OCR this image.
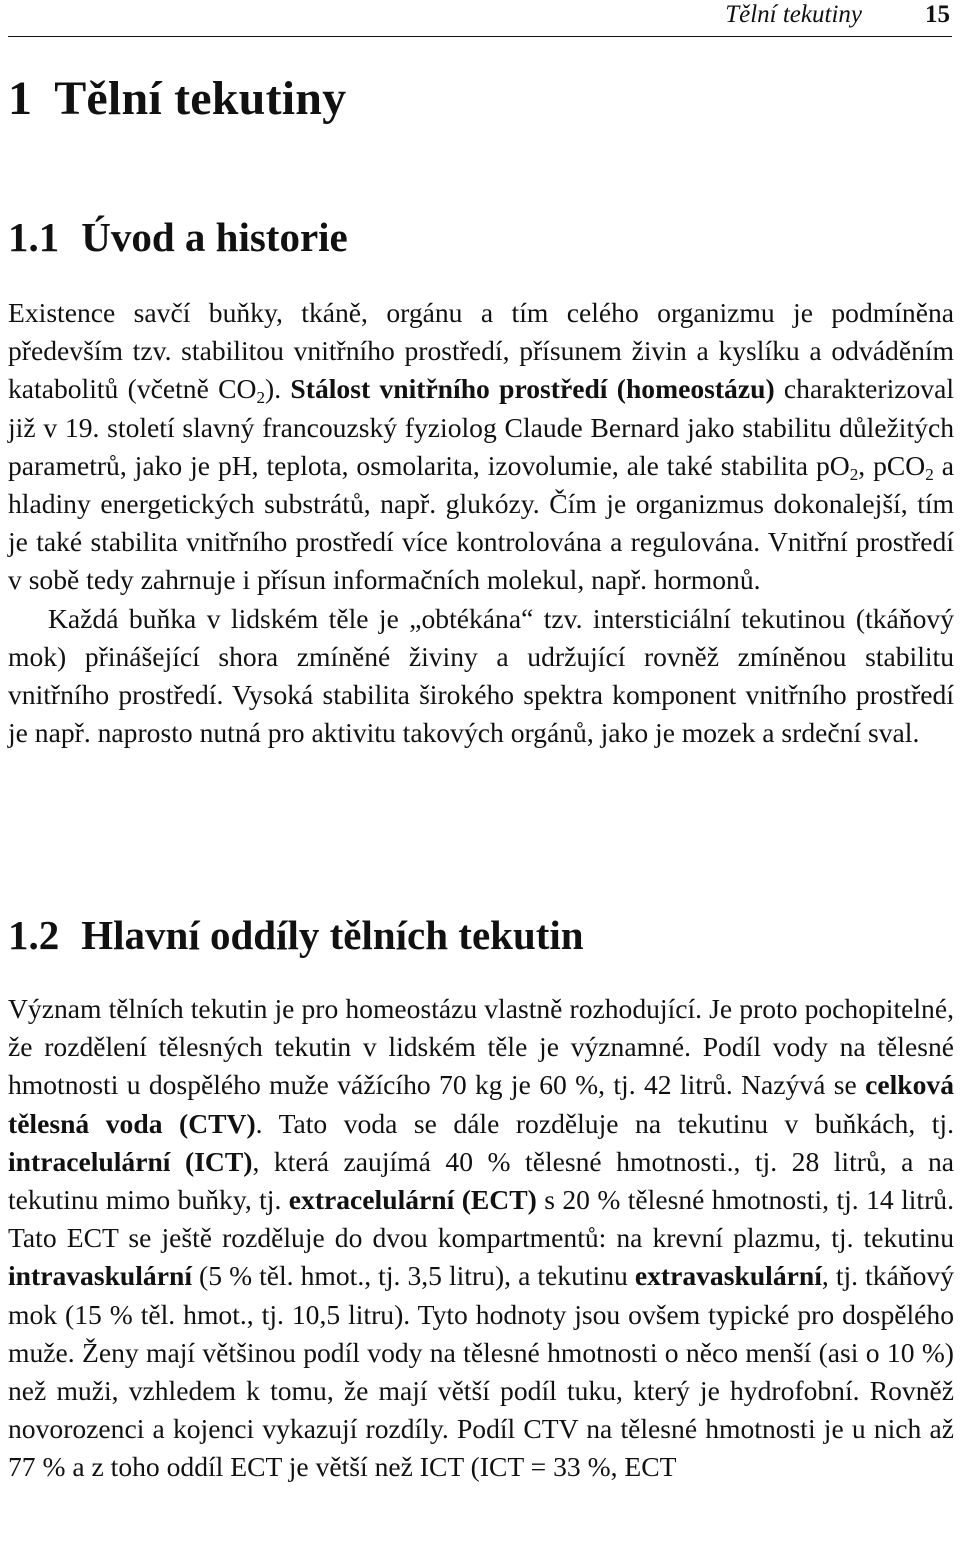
Tělní tekutiny	15
1 Tělní tekutiny
1.1 Úvod a historie

Existence savčí buňky, tkáně, orgánu a tím celého organizmu je podmíněna především tzv. stabilitou vnitřního prostředí, přísunem živin a kyslíku a odváděním katabolitů (včetně $CO_2$). Stálost vnitřního prostředí (homeostázu) charakterizoval již v 19. století slavný francouzský fyziolog Claude Bernard jako stabilitu důležitých parametrů, jako je pH, teplota, osmolarita, izovolumie, ale také stabilita $pO_2$, pCO$_2$ a hladiny energetických substrátů, např. glukózy. Čím je organizmus dokonalejší, tím je také stabilita vnitřního prostředí více kontrolována a regulována. Vnitřní prostředí v sobě tedy zahrnuje i přísun informačních molekul, např. hormonů.

Každá buňka v lidském těle je „obtékána“ tzv. intersticiální tekutinou (tkáňový mok) přinášející shora zmíněné živiny a udržující rovněž zmíněnou stabilitu vnitřního prostředí. Vysoká stabilita širokého spektra komponent vnitřního prostředí je např. naprosto nutná pro aktivitu takových orgánů, jako je mozek a srdeční sval.

1.2 Hlavní oddíly tělních tekutin

Význam tělních tekutin je pro homeostázu vlastně rozhodující. Je proto pochopitelné, že rozdělení tělesných tekutin v lidském těle je významné. Podíl vody na tělesné hmotnosti u dospělého muže vážícího 70 kg je 60 %, tj. 42 litrů. Nazývá se celková tělesná voda (CTV). Tato voda se dále rozděluje na tekutinu v buňkách, tj. intracelulární (ICT), která zaujímá 40 % tělesné hmotnosti., tj. 28 litrů, a na tekutinu mimo buňky, tj. extracelulární (ECT) s 20 % tělesné hmotnosti, tj. 14 litrů. Tato ECT se ještě rozděluje do dvou kompartmentů: na krevní plazmu, tj. tekutinu intravaskulární (5 % těl. hmot., tj. 3,5 litru), a tekutinu extravaskulární, tj. tkáňový mok (15 % těl. hmot., tj. 10,5 litru). Tyto hodnoty jsou ovšem typické pro dospělého muže. Ženy mají většinou podíl vody na tělesné hmotnosti o něco menší (asi o 10 %) než muži, vzhledem k tomu, že mají větší podíl tuku, který je hydrofobní. Rovněž novorozenci a kojenci vykazují rozdíly. Podíl CTV na tělesné hmotnosti je u nich až 77 % a z toho oddíl ECT je větší než ICT (ICT = 33 %, ECT
